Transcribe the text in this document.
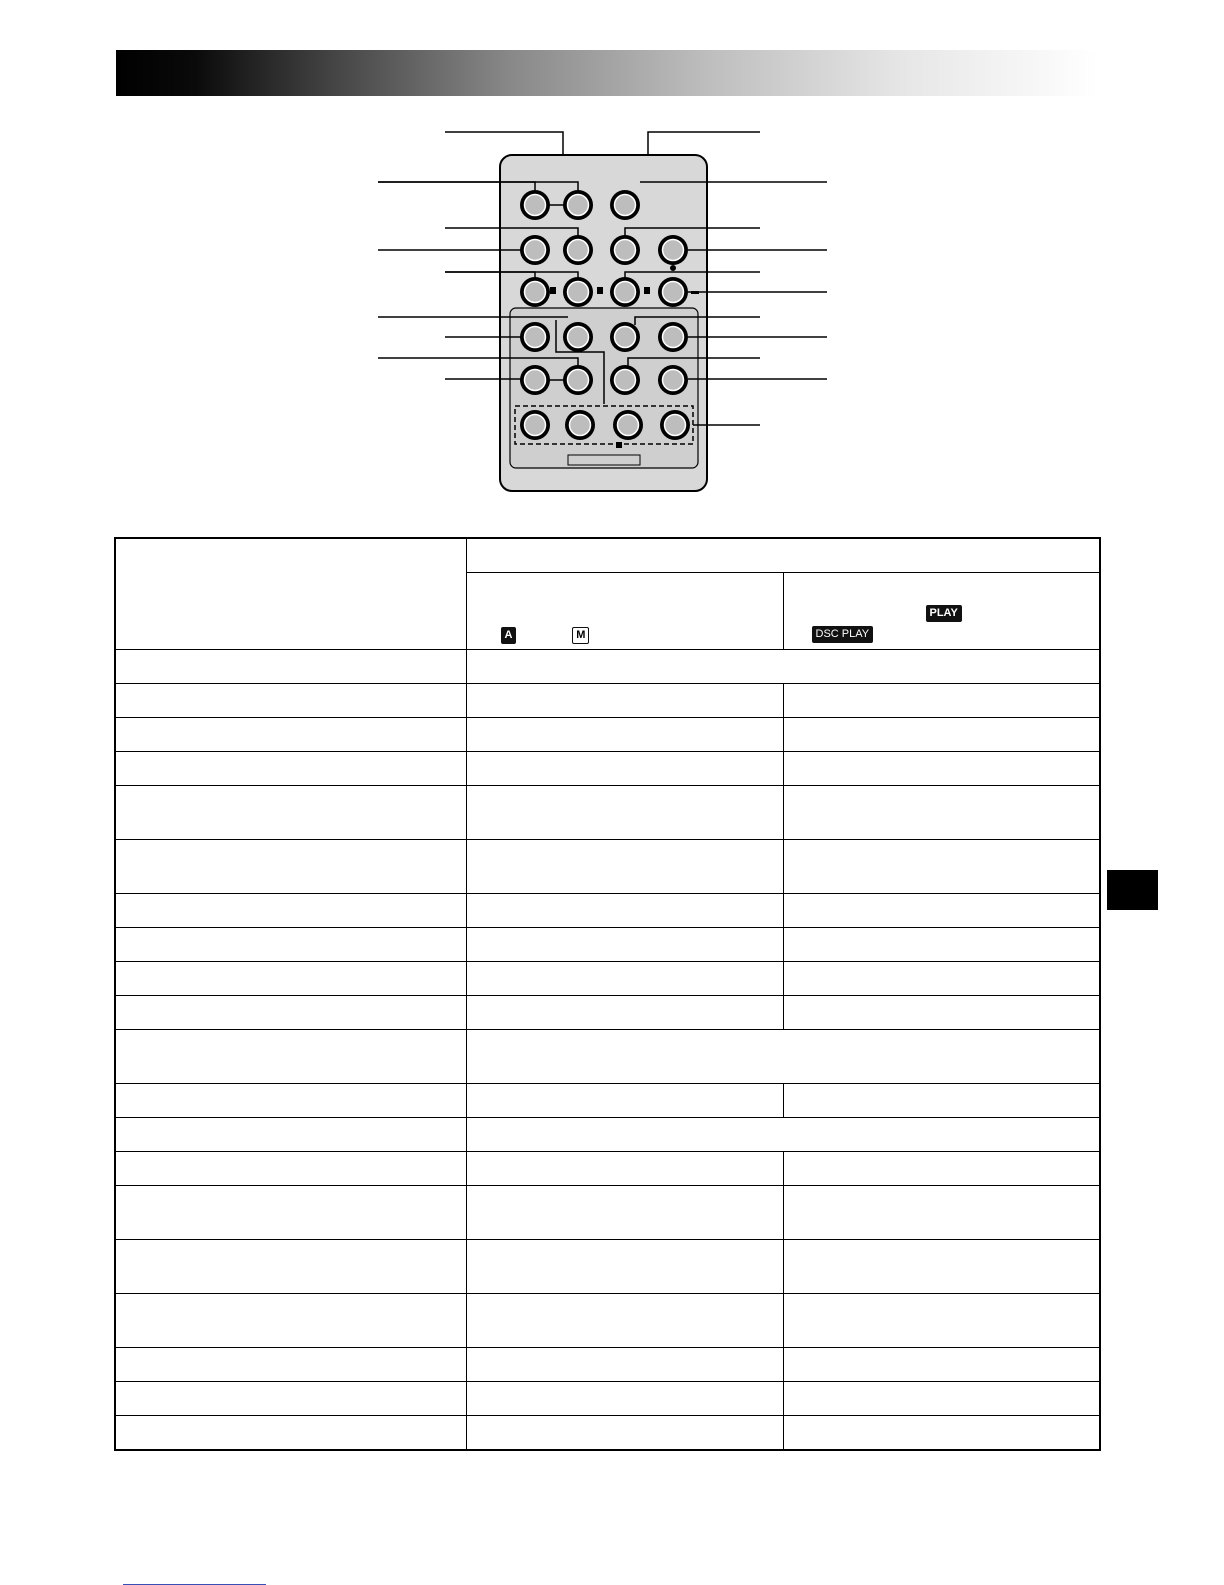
	A M	PLAY
DSC PLAY
